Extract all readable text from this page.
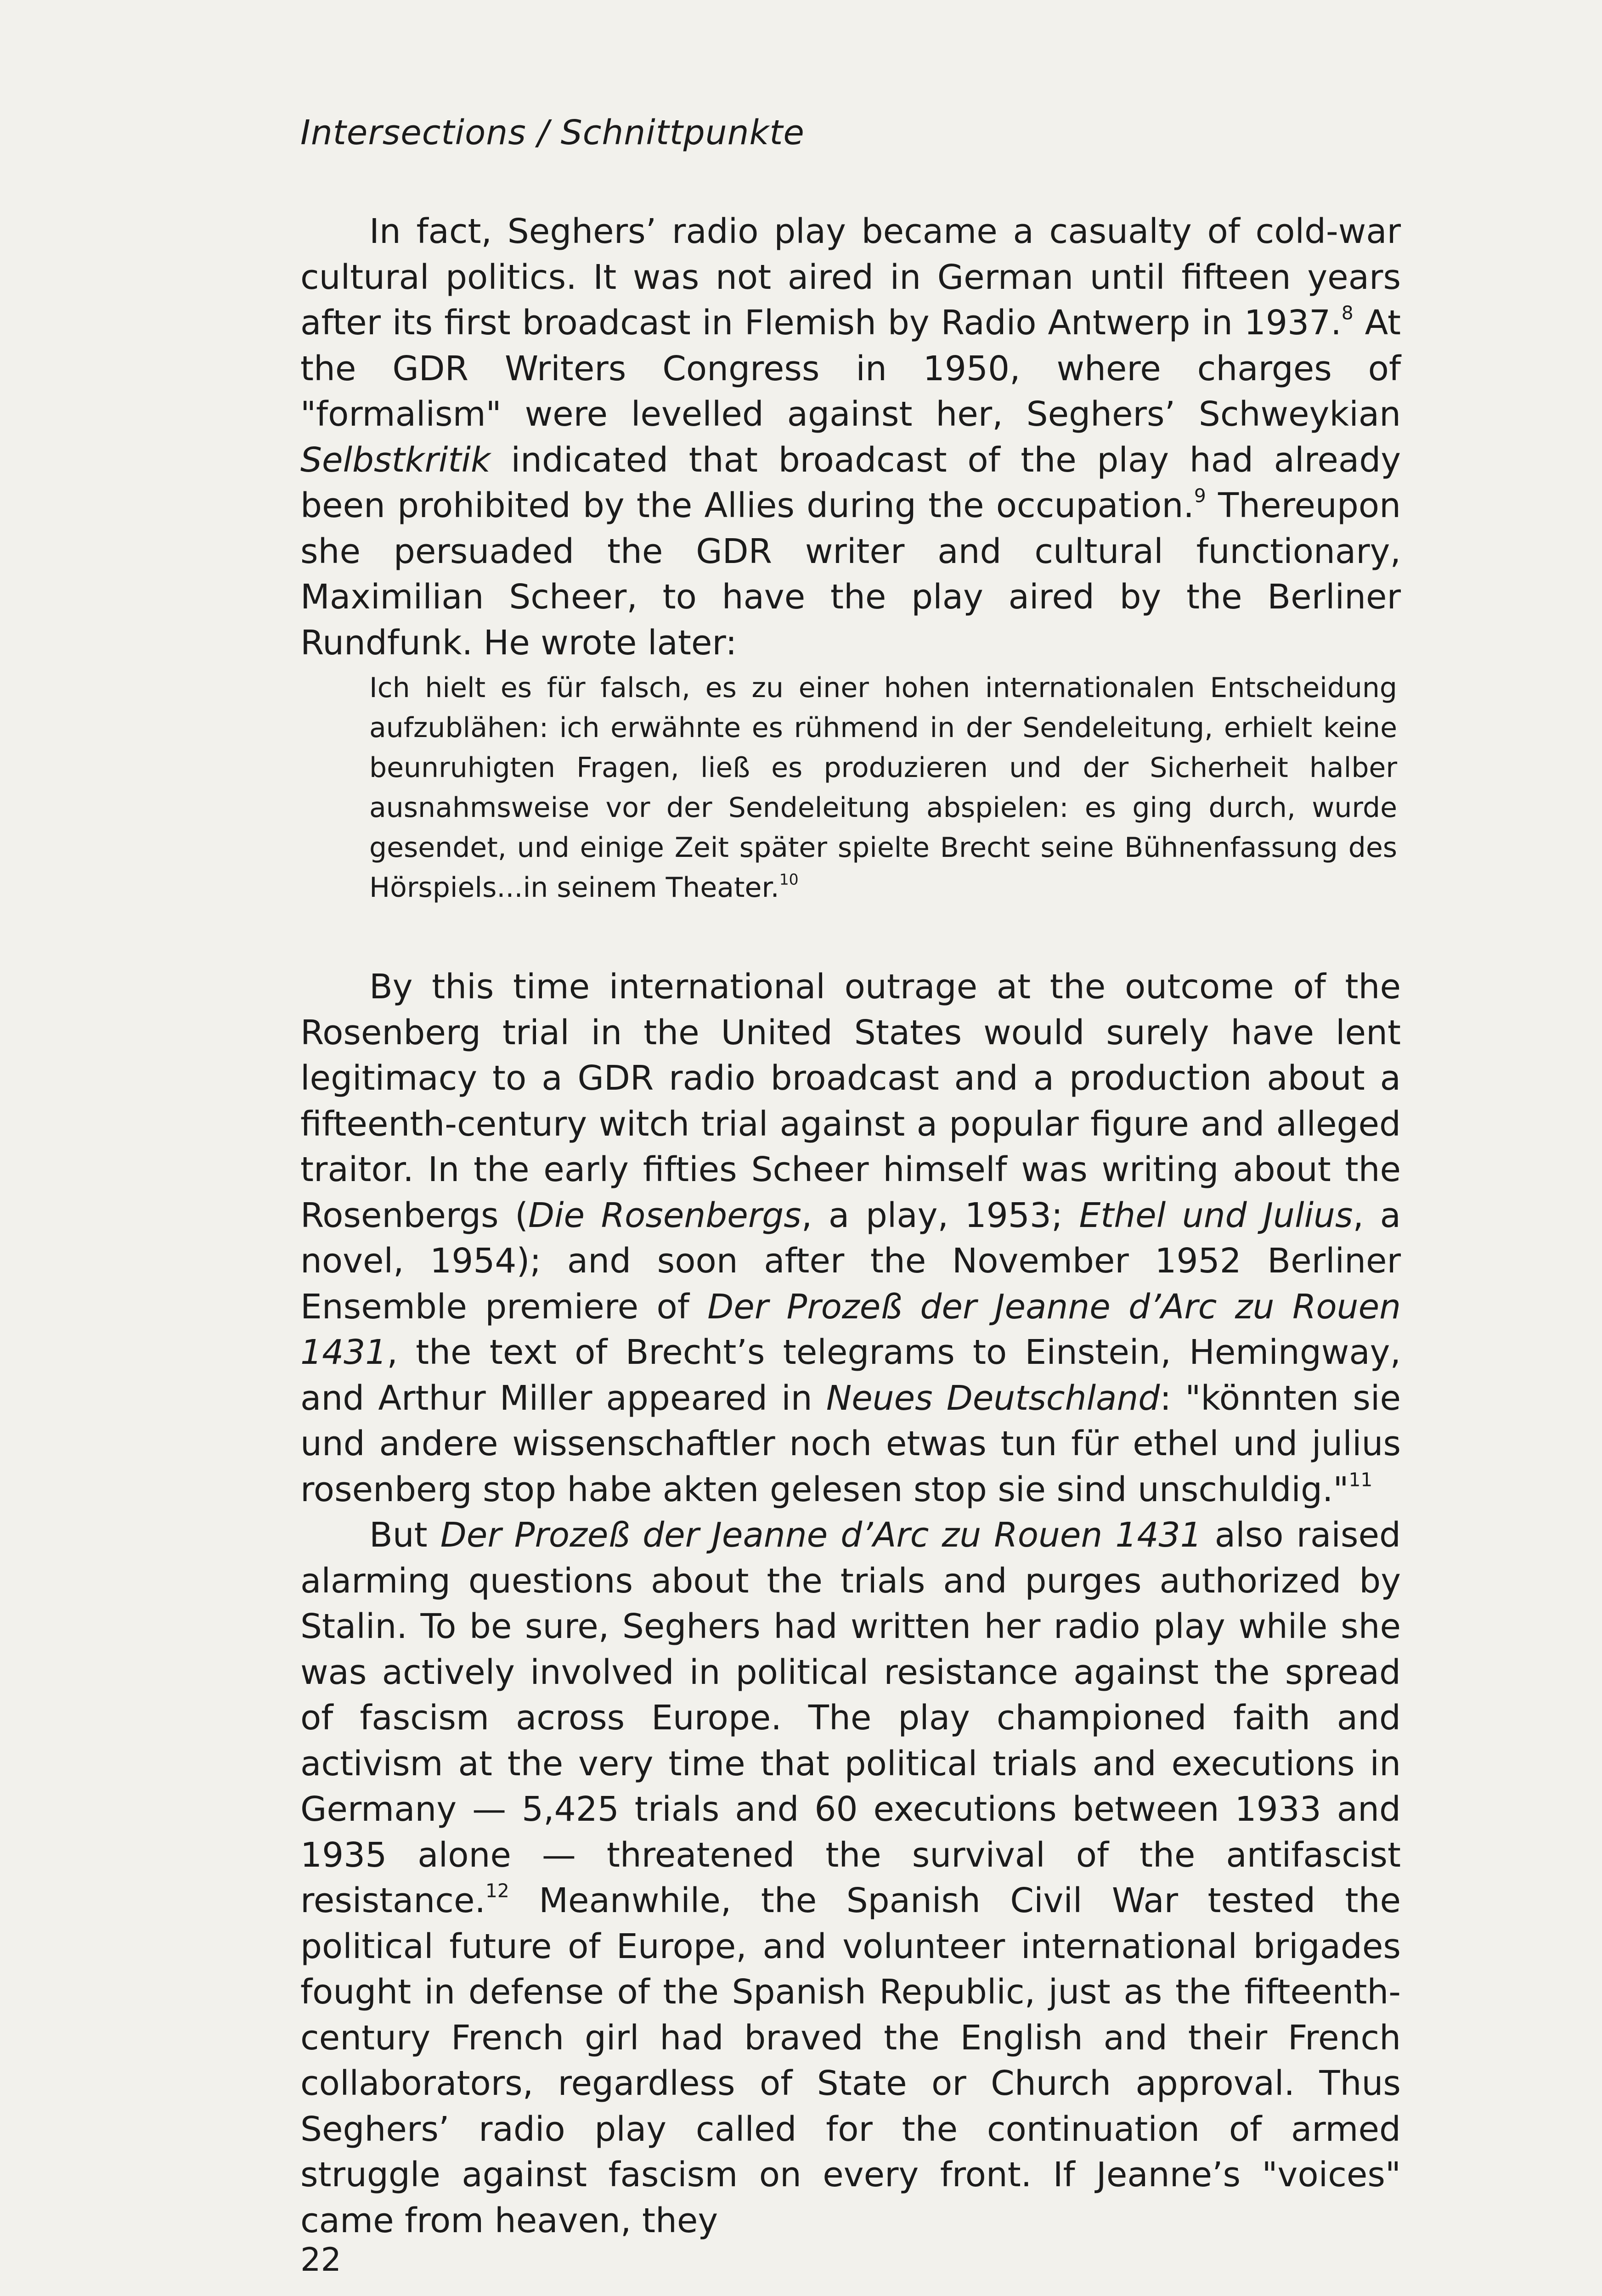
Intersections / Schnittpunkte

In fact, Seghers’ radio play became a casualty of cold-war cultural politics. It was not aired in German until fifteen years after its first broadcast in Flemish by Radio Antwerp in 1937.$^8$ At the GDR Writers Congress in 1950, where charges of "formalism" were levelled against her, Seghers’ Schweykian Selbstkritik indicated that broadcast of the play had already been prohibited by the Allies during the occupation.$^9$ Thereupon she persuaded the GDR writer and cultural functionary, Maximilian Scheer, to have the play aired by the Berliner Rundfunk. He wrote later:

Ich hielt es für falsch, es zu einer hohen internationalen Entscheidung aufzublähen: ich erwähnte es rühmend in der Sendeleitung, erhielt keine beunruhigten Fragen, ließ es produzieren und der Sicherheit halber ausnahmsweise vor der Sendeleitung abspielen: es ging durch, wurde gesendet, und einige Zeit später spielte Brecht seine Bühnenfassung des Hörspiels...in seinem Theater.$^{10}$

By this time international outrage at the outcome of the Rosenberg trial in the United States would surely have lent legitimacy to a GDR radio broadcast and a production about a fifteenth-century witch trial against a popular figure and alleged traitor. In the early fifties Scheer himself was writing about the Rosenbergs (Die Rosenbergs, a play, 1953; Ethel und Julius, a novel, 1954); and soon after the November 1952 Berliner Ensemble premiere of Der Prozeß der Jeanne d’Arc zu Rouen 1431, the text of Brecht’s telegrams to Einstein, Hemingway, and Arthur Miller appeared in Neues Deutschland: "könnten sie und andere wissenschaftler noch etwas tun für ethel und julius rosenberg stop habe akten gelesen stop sie sind unschuldig."$^{11}$

But Der Prozeß der Jeanne d’Arc zu Rouen 1431 also raised alarming questions about the trials and purges authorized by Stalin. To be sure, Seghers had written her radio play while she was actively involved in political resistance against the spread of fascism across Europe. The play championed faith and activism at the very time that political trials and executions in Germany — 5,425 trials and 60 executions between 1933 and 1935 alone — threatened the survival of the antifascist resistance.$^{12}$ Meanwhile, the Spanish Civil War tested the political future of Europe, and volunteer international brigades fought in defense of the Spanish Republic, just as the fifteenth-century French girl had braved the English and their French collaborators, regardless of State or Church approval. Thus Seghers’ radio play called for the continuation of armed struggle against fascism on every front. If Jeanne’s "voices" came from heaven, they

22
